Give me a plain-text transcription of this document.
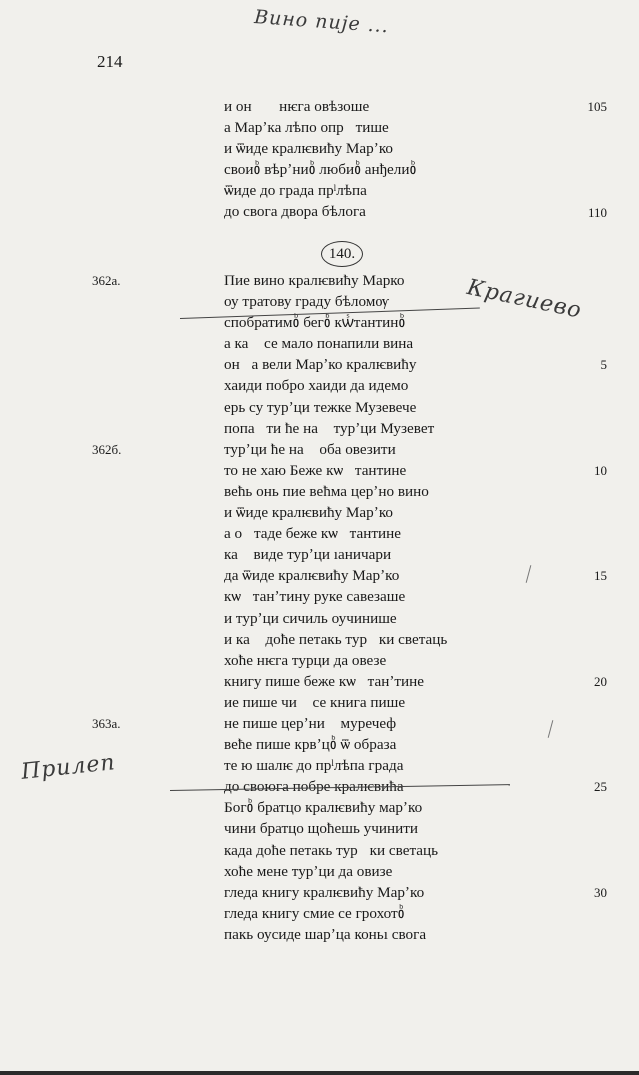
214
Вино пије ...
Крагиево
Прилеп
и онᷮᷘ нѥга овѣзоше
а Марʼка лѣпо опрᷤтише
и ѿиде кралѥвићу Марʼко
своиᲂᷨ вѣрʼниᲂᷨ любиᲂᷨ анђелиᲂᷨ
ѿиде до града прˡлѣпа
до свога двора бѣлога
140.
Пие вино кралѥвићу Марко
оу тратову граду бѣломѹ
спобратимᲂᷨ бегᲂᷨ кѡᷤтантинᲂᷨ
а каᷘ се мало понапили вина
онᷘа вели Марʼко кралѥвићу
хаиди побро хаиди да идемо
ерь су турʼци тежке Музевече
попаᷤти ће наᷤ турʼци Музеветᲂᷨ
турʼци ће наᷤ оба овезити
то не хаю Беже кѡᷤтантине
већь онь пие већма церʼно вино
и ѿиде кралѥвићу Марʼко
а оᷤтаде беже кѡᷤтантине
каᷘ виде турʼци ıаничари
да ѿиде кралѥвићу Марʼко
кѡᷤтанʼтину руке савезаше
и турʼци сичиль оучинише
и каᷘ доћe петакь турᷤки светаць
хоће нѥга турци да овезе
книгу пише беже кѡᷤтанʼтине
ие пише чиᷨ се книга пише
не пише церʼниᷨ муречефᲂᷨ
веће пише крвʼцᲂᷨ ѿ образа
те ю шалѥ до прˡлѣпа града
до своюга побре кралѥвића
Богᲂᷨ братцо кралѥвићу марʼко
чини братцо щоћешь учинити
када доће петакь турᷤки светаць
хоће мене турʼци да овизе
гледа книгу кралѥвићу Марʼко
гледа книгу смие се грохотᲂᷨ
пакь оусиде шарʼца коньı свога
105
110
5
10
15
20
25
30
362а.
362б.
363а.
